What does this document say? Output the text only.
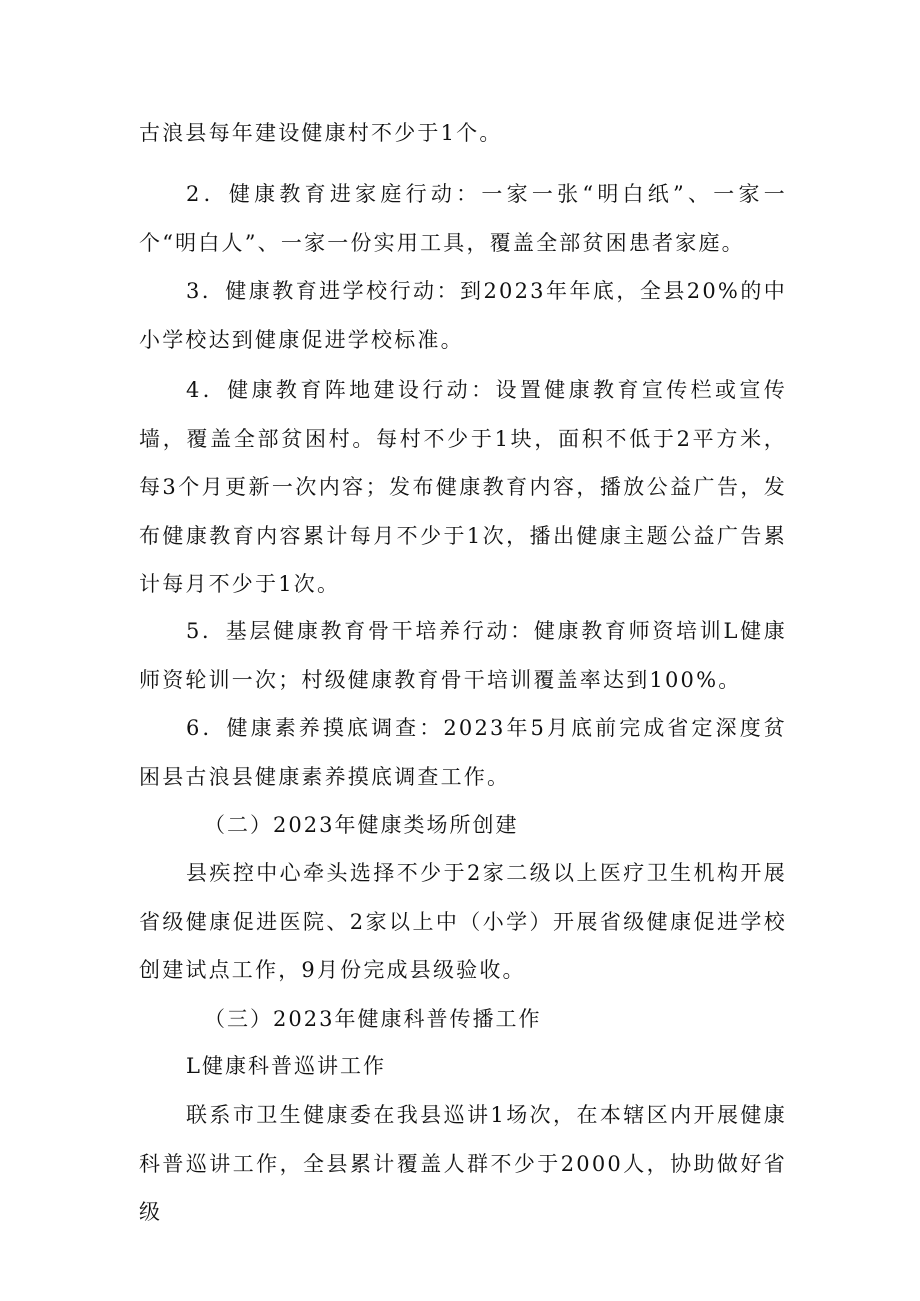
古浪县每年建设健康村不少于1个。

2．健康教育进家庭行动：一家一张“明白纸”、一家一个“明白人”、一家一份实用工具，覆盖全部贫困患者家庭。

3．健康教育进学校行动：到2023年年底，全县20%的中小学校达到健康促进学校标准。

4．健康教育阵地建设行动：设置健康教育宣传栏或宣传墙，覆盖全部贫困村。每村不少于1块，面积不低于2平方米，每3个月更新一次内容；发布健康教育内容，播放公益广告，发布健康教育内容累计每月不少于1次，播出健康主题公益广告累计每月不少于1次。

5．基层健康教育骨干培养行动：健康教育师资培训L健康师资轮训一次；村级健康教育骨干培训覆盖率达到100%。

6．健康素养摸底调查：2023年5月底前完成省定深度贫困县古浪县健康素养摸底调查工作。

（二）2023年健康类场所创建

县疾控中心牵头选择不少于2家二级以上医疗卫生机构开展省级健康促进医院、2家以上中（小学）开展省级健康促进学校创建试点工作，9月份完成县级验收。

（三）2023年健康科普传播工作

L健康科普巡讲工作

联系市卫生健康委在我县巡讲1场次，在本辖区内开展健康科普巡讲工作，全县累计覆盖人群不少于2000人，协助做好省级
